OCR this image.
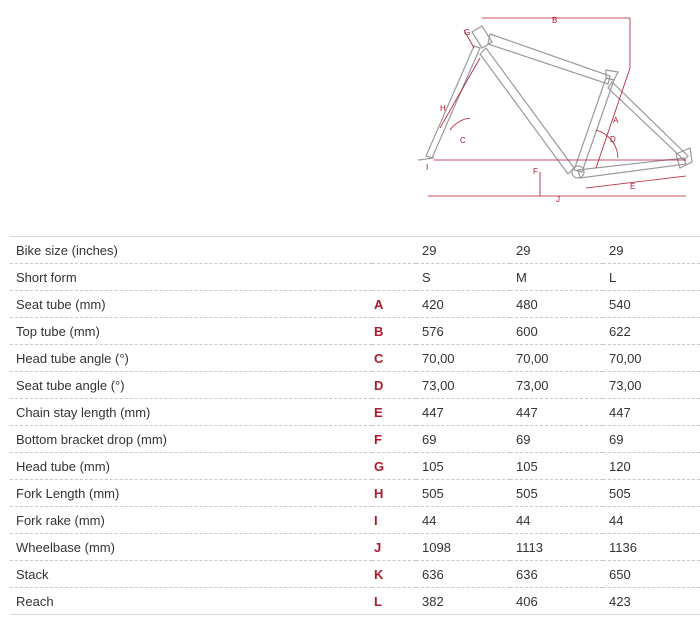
B
G
H
C
A
D
I	F
E
J
Bike size (inches)		29	29	29
Short form		S	M	L
Seat tube (mm)	A	420	480	540
Top tube (mm)	B	576	600	622
Head tube angle (°)	C	70,00	70,00	70,00
Seat tube angle (°)	D	73,00	73,00	73,00
Chain stay length (mm)	E	447	447	447
Bottom bracket drop (mm)	F	69	69	69
Head tube (mm)	G	105	105	120
Fork Length (mm)	H	505	505	505
Fork rake (mm)	I	44	44	44
Wheelbase (mm)	J	1098	1113	1136
Stack	K	636	636	650
Reach	L	382	406	423
